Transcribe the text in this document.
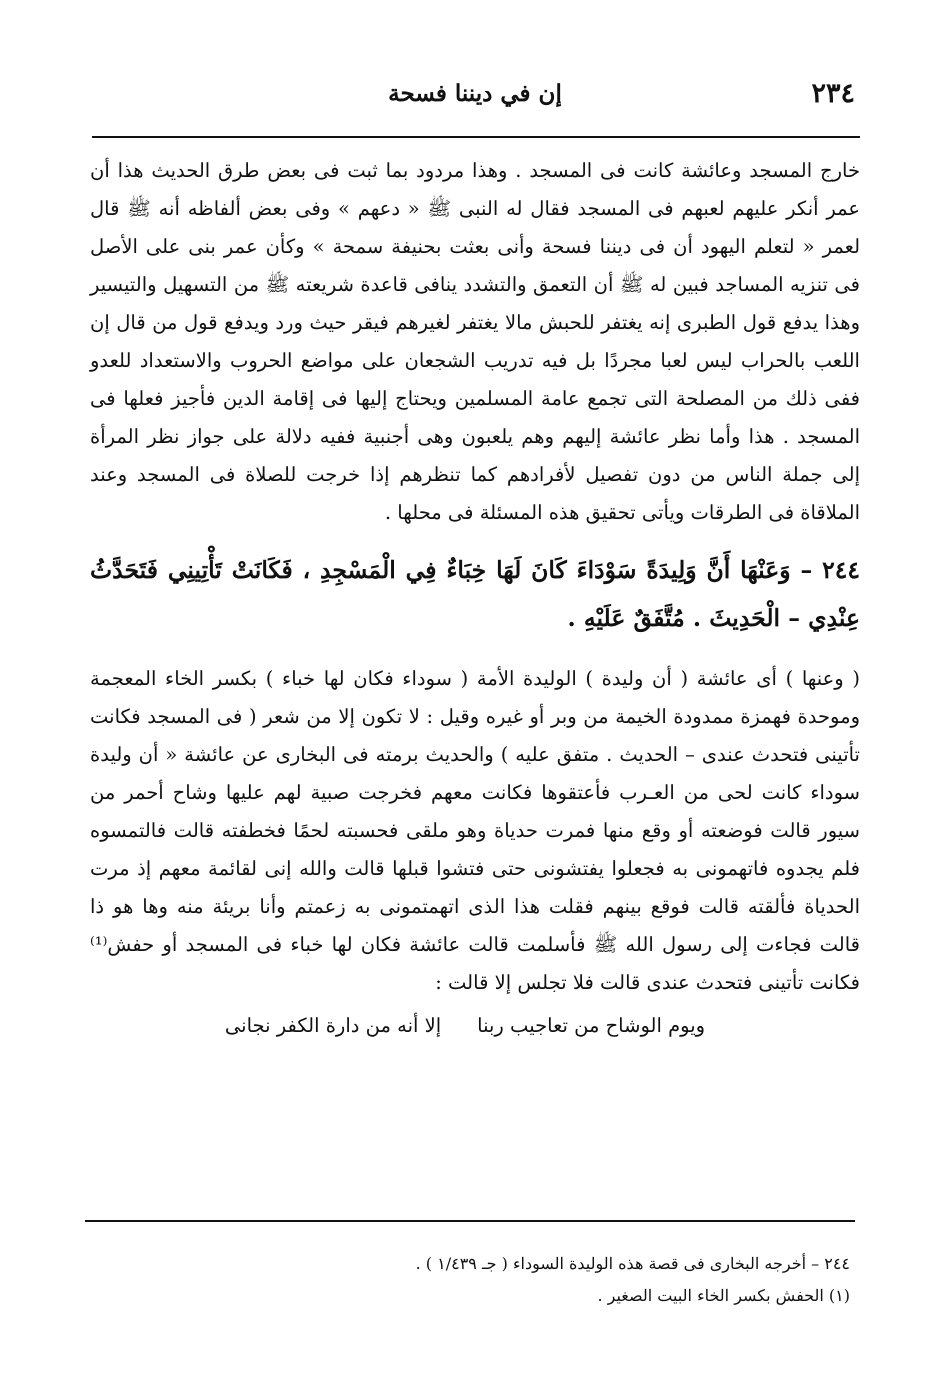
٢٣٤
إن في ديننا فسحة

خارج المسجد وعائشة كانت فى المسجد . وهذا مردود بما ثبت فى بعض طرق الحديث هذا أن عمر أنكر عليهم لعبهم فى المسجد فقال له النبى ﷺ « دعهم » وفى بعض ألفاظه أنه ﷺ قال لعمر « لتعلم اليهود أن فى ديننا فسحة وأنى بعثت بحنيفة سمحة » وكأن عمر بنى على الأصل فى تنزيه المساجد فبين له ﷺ أن التعمق والتشدد ينافى قاعدة شريعته ﷺ من التسهيل والتيسير وهذا يدفع قول الطبرى إنه يغتفر للحبش مالا يغتفر لغيرهم فيقر حيث ورد ويدفع قول من قال إن اللعب بالحراب ليس لعبا مجردًا بل فيه تدريب الشجعان على مواضع الحروب والاستعداد للعدو ففى ذلك من المصلحة التى تجمع عامة المسلمين ويحتاج إليها فى إقامة الدين فأجيز فعلها فى المسجد . هذا وأما نظر عائشة إليهم وهم يلعبون وهى أجنبية ففيه دلالة على جواز نظر المرأة إلى جملة الناس من دون تفصيل لأفرادهم كما تنظرهم إذا خرجت للصلاة فى المسجد وعند الملاقاة فى الطرقات ويأتى تحقيق هذه المسئلة فى محلها .

٢٤٤ – وَعَنْهَا أَنَّ وَلِيدَةً سَوْدَاءَ كَانَ لَهَا خِبَاءٌ فِي الْمَسْجِدِ ، فَكَانَتْ تَأْتِينِي فَتَحَدَّثُ عِنْدِي – الْحَدِيثَ . مُتَّفَقٌ عَلَيْهِ .

( وعنها ) أى عائشة ( أن وليدة ) الوليدة الأمة ( سوداء فكان لها خباء ) بكسر الخاء المعجمة وموحدة فهمزة ممدودة الخيمة من وبر أو غيره وقيل : لا تكون إلا من شعر ( فى المسجد فكانت تأتينى فتحدث عندى – الحديث . متفق عليه ) والحديث برمته فى البخارى عن عائشة « أن وليدة سوداء كانت لحى من العـرب فأعتقوها فكانت معهم فخرجت صبية لهم عليها وشاح أحمر من سيور قالت فوضعته أو وقع منها فمرت حدياة وهو ملقى فحسبته لحمًا فخطفته قالت فالتمسوه فلم يجدوه فاتهمونى به فجعلوا يفتشونى حتى فتشوا قبلها قالت والله إنى لقائمة معهم إذ مرت الحدياة فألقته قالت فوقع بينهم فقلت هذا الذى اتهمتمونى به زعمتم وأنا بريئة منه وها هو ذا قالت فجاءت إلى رسول الله ﷺ فأسلمت قالت عائشة فكان لها خباء فى المسجد أو حفش⁽¹⁾ فكانت تأتينى فتحدث عندى قالت فلا تجلس إلا قالت :

ويوم الوشاح من تعاجيب ربنا
إلا أنه من دارة الكفر نجانى

٢٤٤ – أخرجه البخارى فى قصة هذه الوليدة السوداء ( جـ ١/٤٣٩ ) .

(١) الحفش بكسر الخاء البيت الصغير .
